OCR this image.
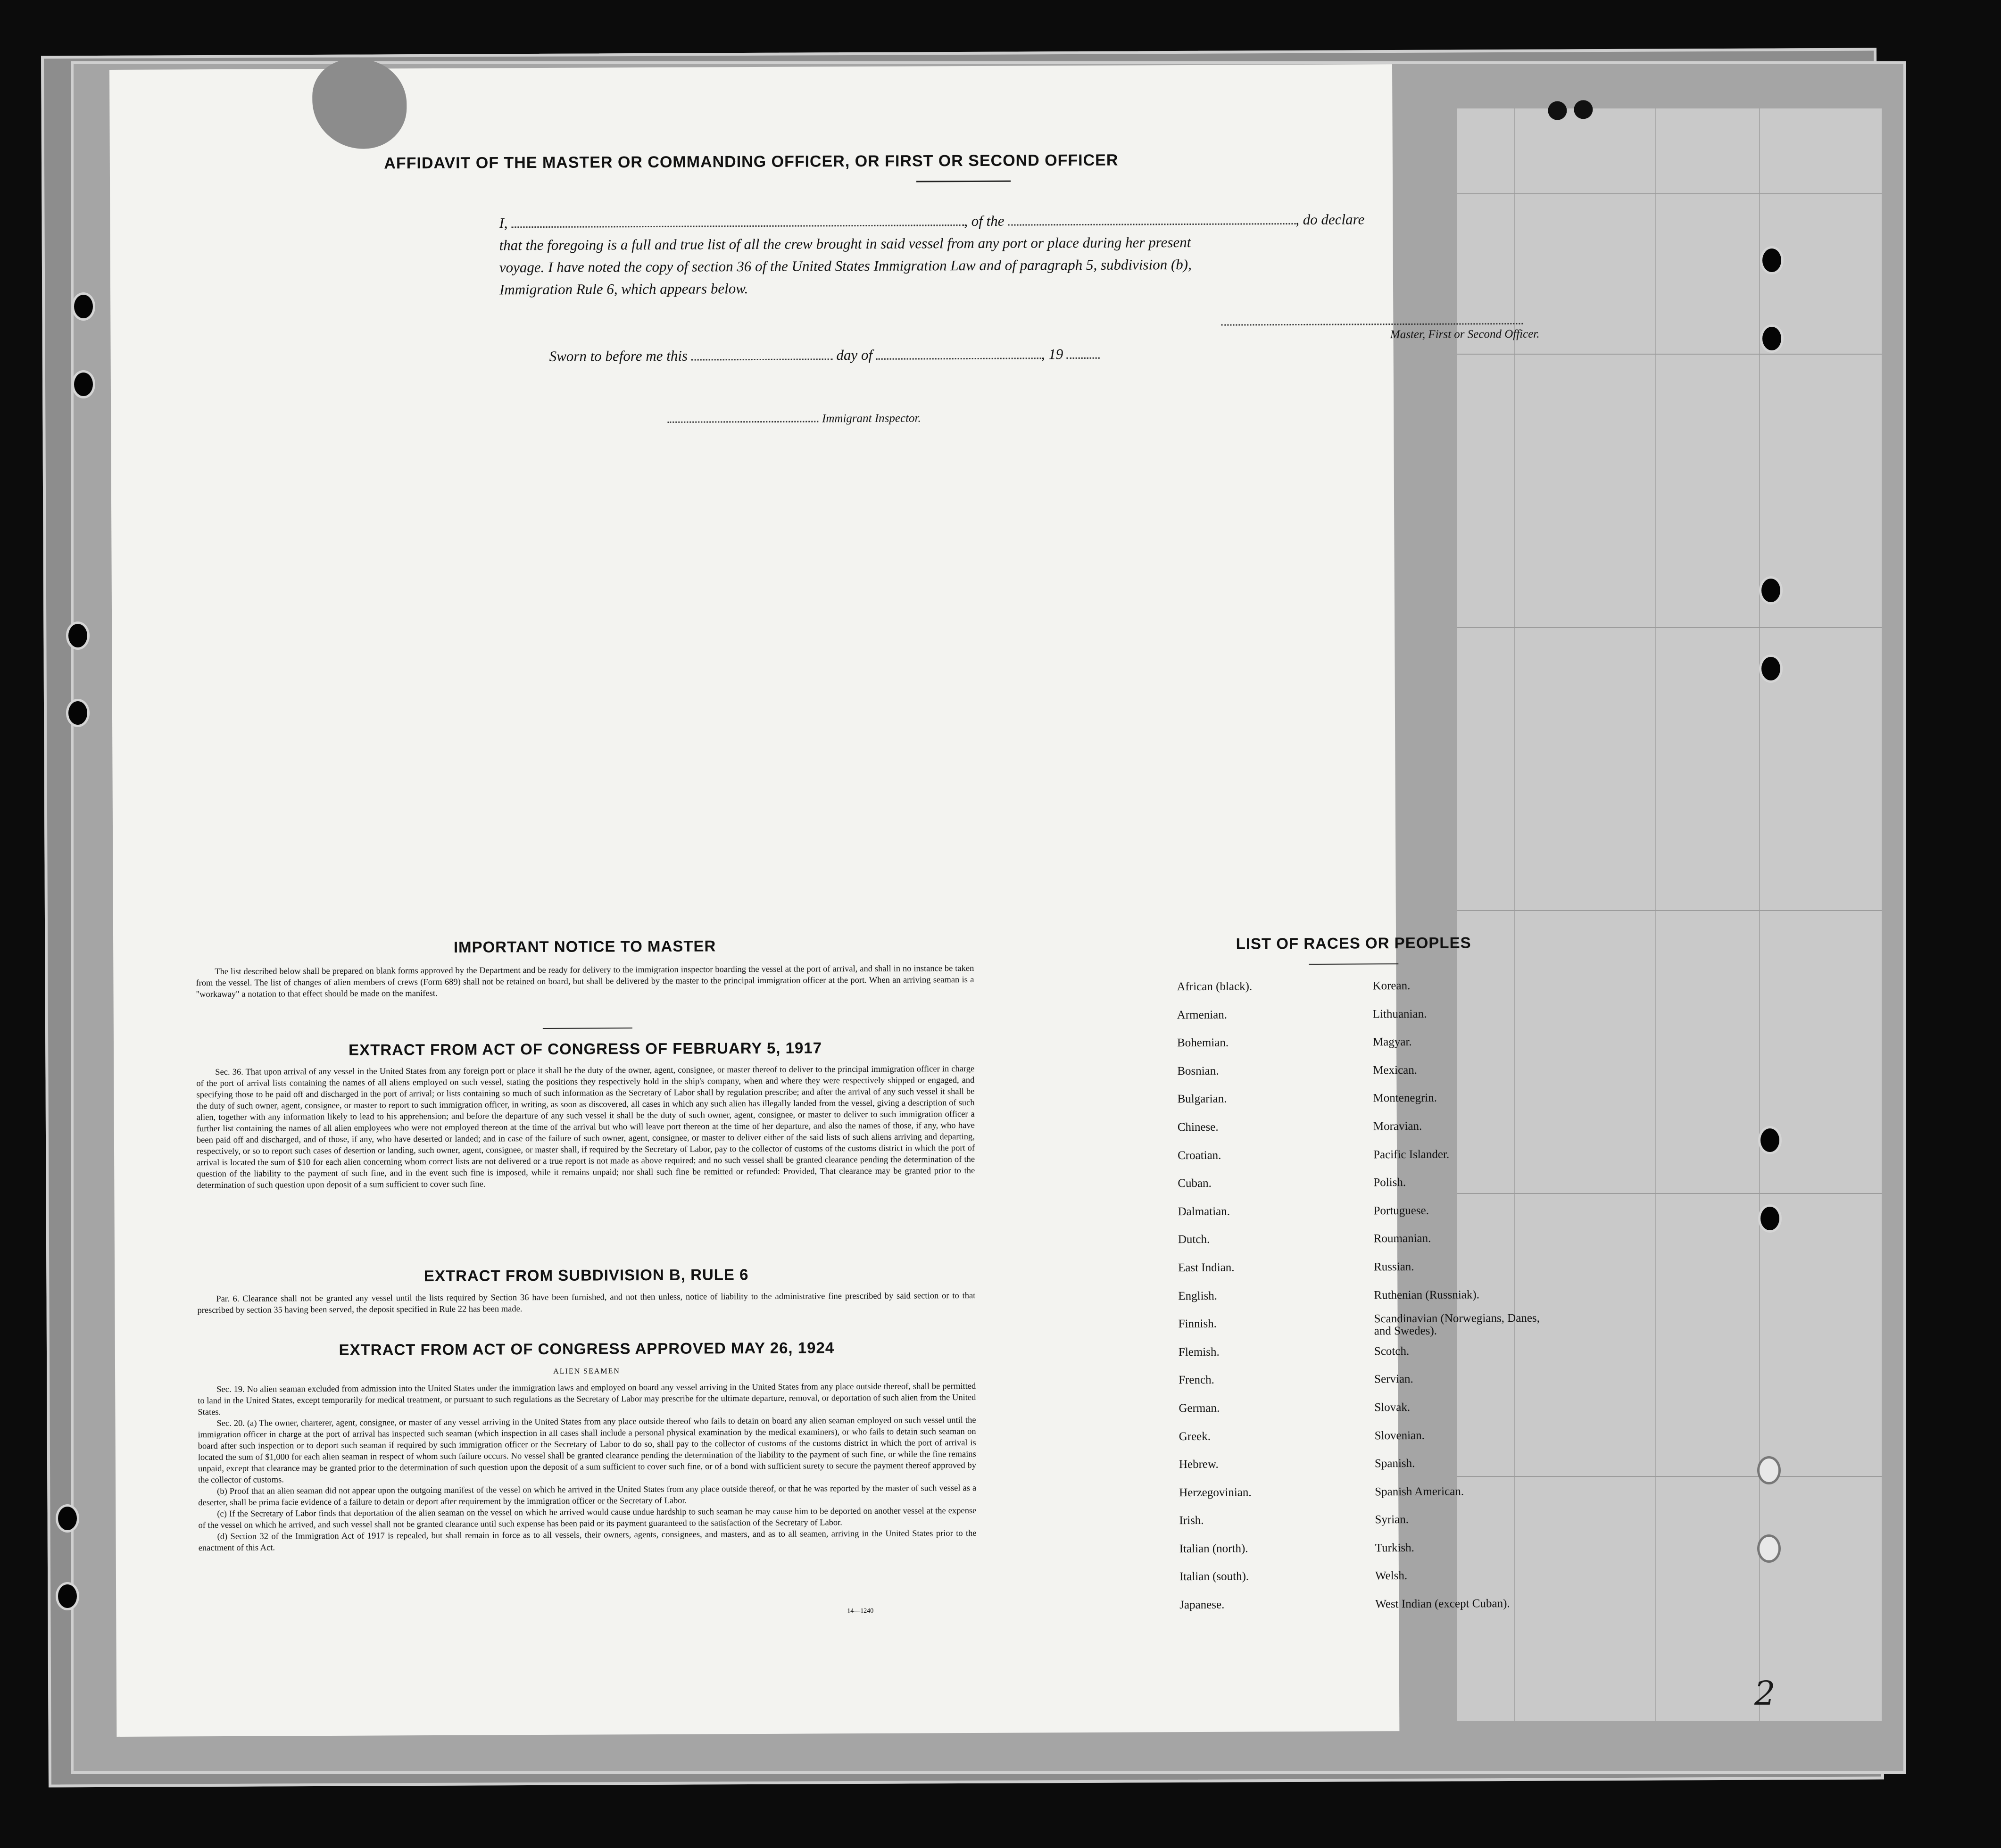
AFFIDAVIT OF THE MASTER OR COMMANDING OFFICER, OR FIRST OR SECOND OFFICER
I,	, of the	, do declare
that the foregoing is a full and true list of all the crew brought in said vessel from any port or place during her present
voyage. I have noted the copy of section 36 of the United States Immigration Law and of paragraph 5, subdivision (b),
Immigration Rule 6, which appears below.
Master, First or Second Officer.
Sworn to before me this	day of	, 19
Immigrant Inspector.
IMPORTANT NOTICE TO MASTER

The list described below shall be prepared on blank forms approved by the Department and be ready for delivery to the immigration inspector boarding the vessel at the port of arrival, and shall in no instance be taken from the vessel. The list of changes of alien members of crews (Form 689) shall not be retained on board, but shall be delivered by the master to the principal immigration officer at the port. When an arriving seaman is a "workaway" a notation to that effect should be made on the manifest.

EXTRACT FROM ACT OF CONGRESS OF FEBRUARY 5, 1917

Sec. 36. That upon arrival of any vessel in the United States from any foreign port or place it shall be the duty of the owner, agent, consignee, or master thereof to deliver to the principal immigration officer in charge of the port of arrival lists containing the names of all aliens employed on such vessel, stating the positions they respectively hold in the ship's company, when and where they were respectively shipped or engaged, and specifying those to be paid off and discharged in the port of arrival; or lists containing so much of such information as the Secretary of Labor shall by regulation prescribe; and after the arrival of any such vessel it shall be the duty of such owner, agent, consignee, or master to report to such immigration officer, in writing, as soon as discovered, all cases in which any such alien has illegally landed from the vessel, giving a description of such alien, together with any information likely to lead to his apprehension; and before the departure of any such vessel it shall be the duty of such owner, agent, consignee, or master to deliver to such immigration officer a further list containing the names of all alien employees who were not employed thereon at the time of the arrival but who will leave port thereon at the time of her departure, and also the names of those, if any, who have been paid off and discharged, and of those, if any, who have deserted or landed; and in case of the failure of such owner, agent, consignee, or master to deliver either of the said lists of such aliens arriving and departing, respectively, or so to report such cases of desertion or landing, such owner, agent, consignee, or master shall, if required by the Secretary of Labor, pay to the collector of customs of the customs district in which the port of arrival is located the sum of $10 for each alien concerning whom correct lists are not delivered or a true report is not made as above required; and no such vessel shall be granted clearance pending the determination of the question of the liability to the payment of such fine, and in the event such fine is imposed, while it remains unpaid; nor shall such fine be remitted or refunded: Provided, That clearance may be granted prior to the determination of such question upon deposit of a sum sufficient to cover such fine.

EXTRACT FROM SUBDIVISION B, RULE 6

Par. 6. Clearance shall not be granted any vessel until the lists required by Section 36 have been furnished, and not then unless, notice of liability to the administrative fine prescribed by said section or to that prescribed by section 35 having been served, the deposit specified in Rule 22 has been made.

EXTRACT FROM ACT OF CONGRESS APPROVED MAY 26, 1924
ALIEN SEAMEN

Sec. 19. No alien seaman excluded from admission into the United States under the immigration laws and employed on board any vessel arriving in the United States from any place outside thereof, shall be permitted to land in the United States, except temporarily for medical treatment, or pursuant to such regulations as the Secretary of Labor may prescribe for the ultimate departure, removal, or deportation of such alien from the United States.

Sec. 20. (a) The owner, charterer, agent, consignee, or master of any vessel arriving in the United States from any place outside thereof who fails to detain on board any alien seaman employed on such vessel until the immigration officer in charge at the port of arrival has inspected such seaman (which inspection in all cases shall include a personal physical examination by the medical examiners), or who fails to detain such seaman on board after such inspection or to deport such seaman if required by such immigration officer or the Secretary of Labor to do so, shall pay to the collector of customs of the customs district in which the port of arrival is located the sum of $1,000 for each alien seaman in respect of whom such failure occurs. No vessel shall be granted clearance pending the determination of the liability to the payment of such fine, or while the fine remains unpaid, except that clearance may be granted prior to the determination of such question upon the deposit of a sum sufficient to cover such fine, or of a bond with sufficient surety to secure the payment thereof approved by the collector of customs.

(b) Proof that an alien seaman did not appear upon the outgoing manifest of the vessel on which he arrived in the United States from any place outside thereof, or that he was reported by the master of such vessel as a deserter, shall be prima facie evidence of a failure to detain or deport after requirement by the immigration officer or the Secretary of Labor.

(c) If the Secretary of Labor finds that deportation of the alien seaman on the vessel on which he arrived would cause undue hardship to such seaman he may cause him to be deported on another vessel at the expense of the vessel on which he arrived, and such vessel shall not be granted clearance until such expense has been paid or its payment guaranteed to the satisfaction of the Secretary of Labor.

(d) Section 32 of the Immigration Act of 1917 is repealed, but shall remain in force as to all vessels, their owners, agents, consignees, and masters, and as to all seamen, arriving in the United States prior to the enactment of this Act.

14—1240
LIST OF RACES OR PEOPLES
African (black).
Armenian.
Bohemian.
Bosnian.
Bulgarian.
Chinese.
Croatian.
Cuban.
Dalmatian.
Dutch.
East Indian.
English.
Finnish.
Flemish.
French.
German.
Greek.
Hebrew.
Herzegovinian.
Irish.
Italian (north).
Italian (south).
Japanese.
Korean.
Lithuanian.
Magyar.
Mexican.
Montenegrin.
Moravian.
Pacific Islander.
Polish.
Portuguese.
Roumanian.
Russian.
Ruthenian (Russniak).
Scandinavian (Norwegians, Danes, and Swedes).
Scotch.
Servian.
Slovak.
Slovenian.
Spanish.
Spanish American.
Syrian.
Turkish.
Welsh.
West Indian (except Cuban).
2
